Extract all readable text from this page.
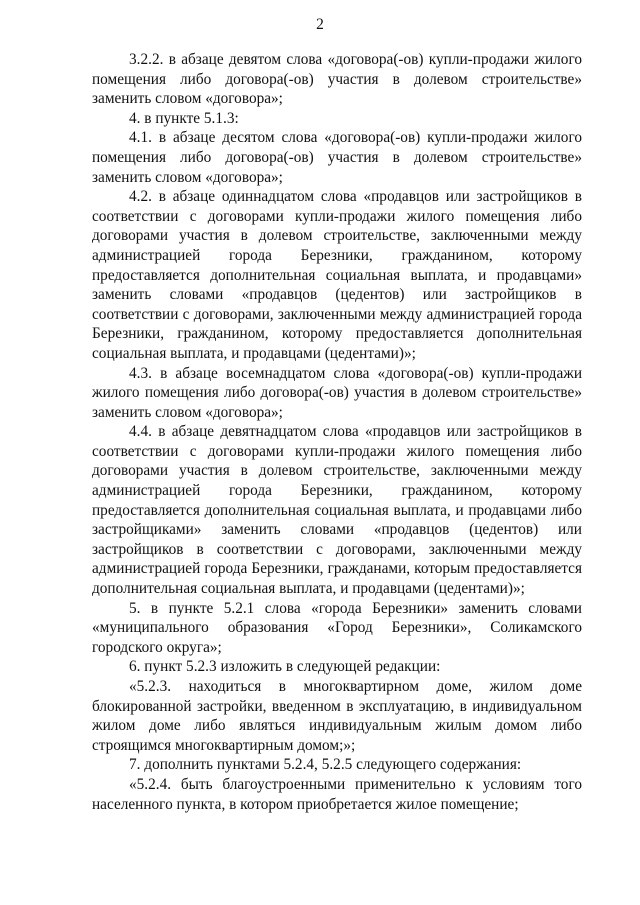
2

3.2.2. в абзаце девятом слова «договора(-ов) купли-продажи жилого помещения либо договора(-ов) участия в долевом строительстве» заменить словом «договора»;

4. в пункте 5.1.3:

4.1. в абзаце десятом слова «договора(-ов) купли-продажи жилого помещения либо договора(-ов) участия в долевом строительстве» заменить словом «договора»;

4.2. в абзаце одиннадцатом слова «продавцов или застройщиков в соответствии с договорами купли-продажи жилого помещения либо договорами участия в долевом строительстве, заключенными между администрацией города Березники, гражданином, которому предоставляется дополнительная социальная выплата, и продавцами» заменить словами «продавцов (цедентов) или застройщиков в соответствии с договорами, заключенными между администрацией города Березники, гражданином, которому предоставляется дополнительная социальная выплата, и продавцами (цедентами)»;

4.3. в абзаце восемнадцатом слова «договора(-ов) купли-продажи жилого помещения либо договора(-ов) участия в долевом строительстве» заменить словом «договора»;

4.4. в абзаце девятнадцатом слова «продавцов или застройщиков в соответствии с договорами купли-продажи жилого помещения либо договорами участия в долевом строительстве, заключенными между администрацией города Березники, гражданином, которому предоставляется дополнительная социальная выплата, и продавцами либо застройщиками» заменить словами «продавцов (цедентов) или застройщиков в соответствии с договорами, заключенными между администрацией города Березники, гражданами, которым предоставляется дополнительная социальная выплата, и продавцами (цедентами)»;

5. в пункте 5.2.1 слова «города Березники» заменить словами «муниципального образования «Город Березники», Соликамского городского округа»;

6. пункт 5.2.3 изложить в следующей редакции:

«5.2.3. находиться в многоквартирном доме, жилом доме блокированной застройки, введенном в эксплуатацию, в индивидуальном жилом доме либо являться индивидуальным жилым домом либо строящимся многоквартирным домом;»;

7. дополнить пунктами 5.2.4, 5.2.5 следующего содержания:

«5.2.4. быть благоустроенными применительно к условиям того населенного пункта, в котором приобретается жилое помещение;
